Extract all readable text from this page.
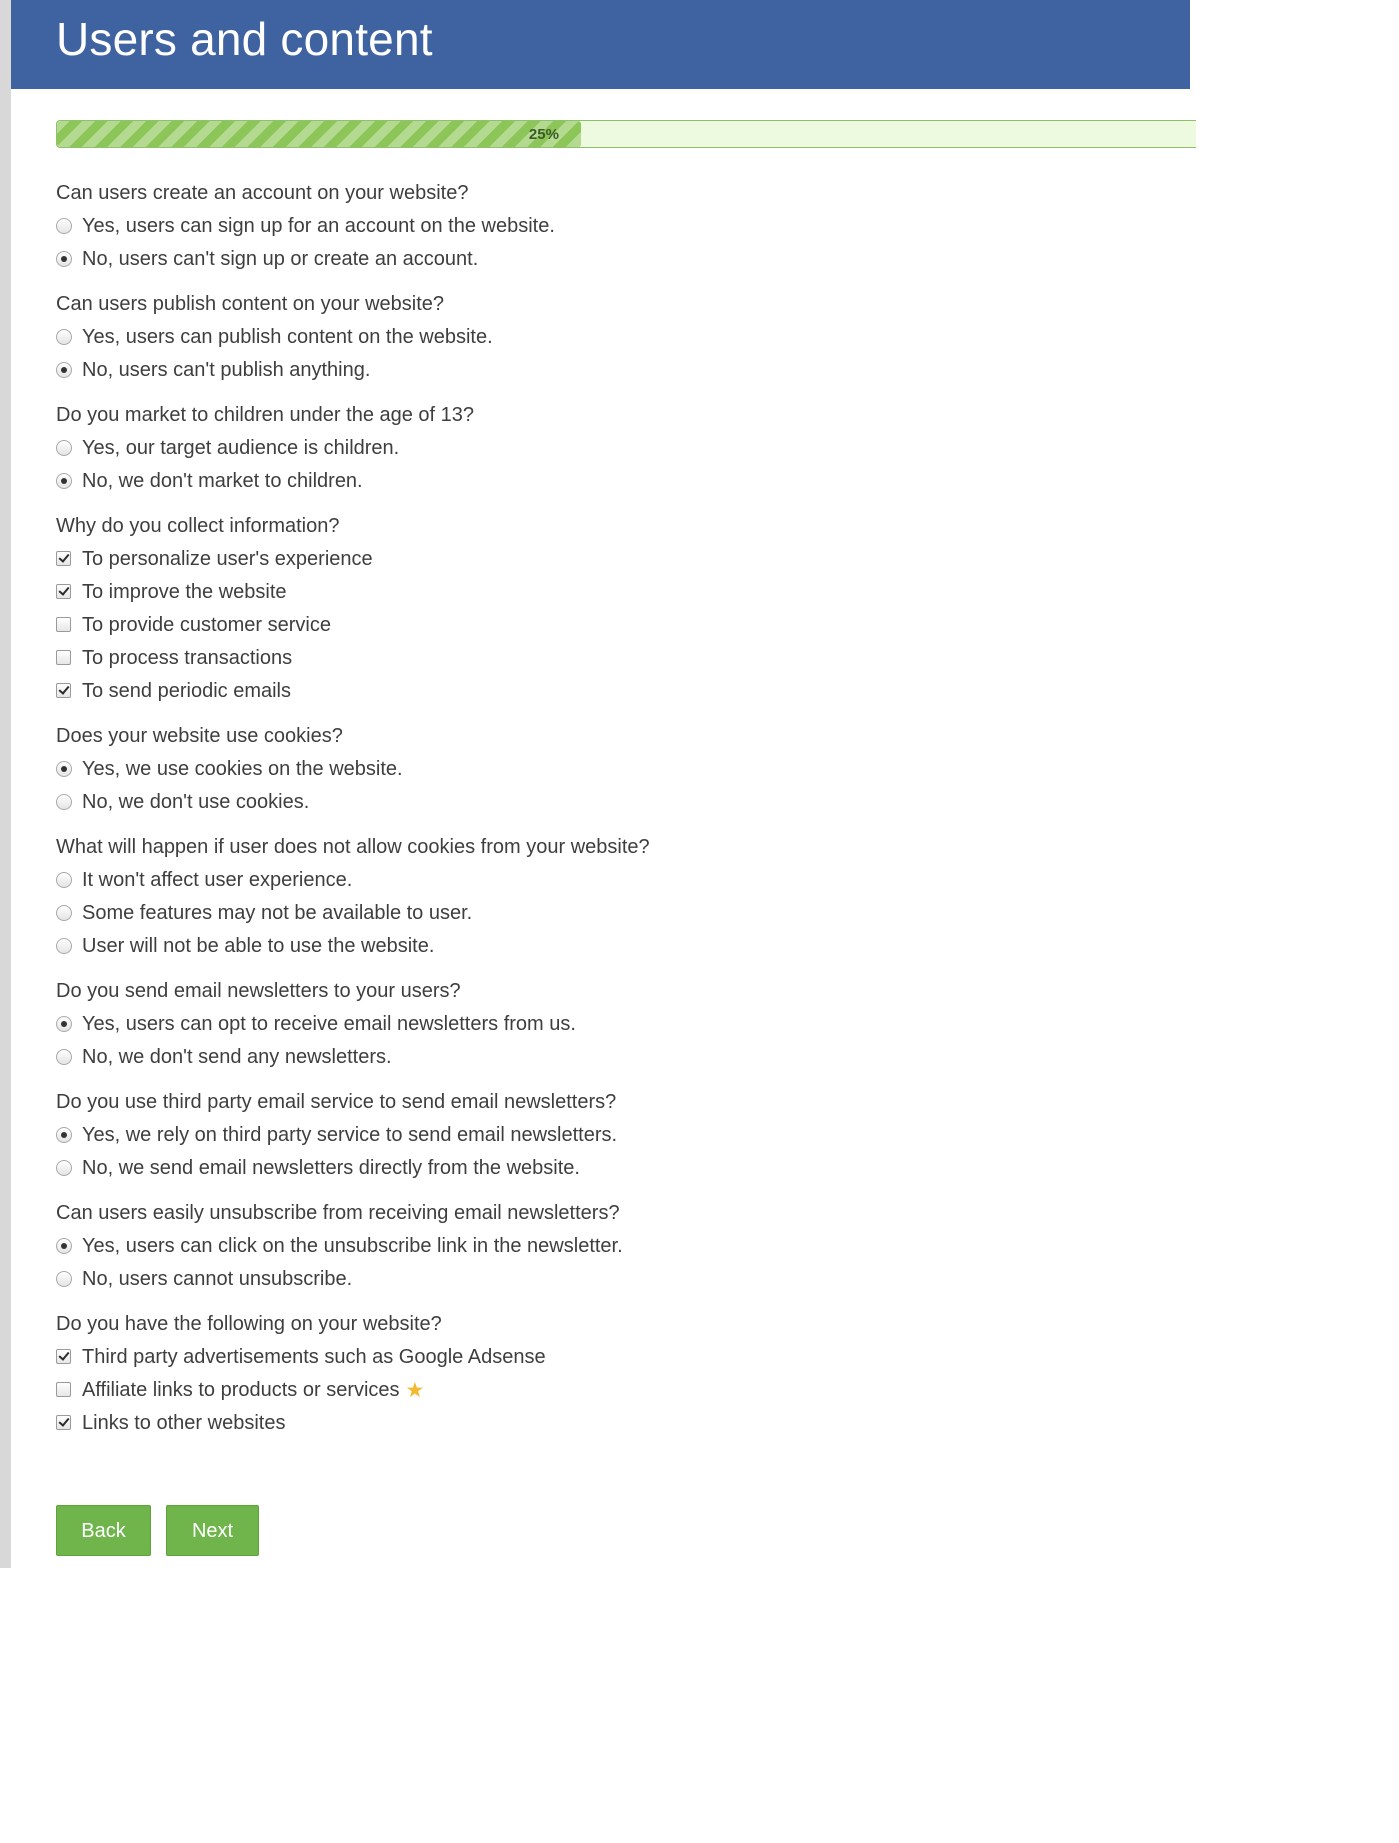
Users and content
25%
Can users create an account on your website?
Yes, users can sign up for an account on the website.
No, users can't sign up or create an account.
Can users publish content on your website?
Yes, users can publish content on the website.
No, users can't publish anything.
Do you market to children under the age of 13?
Yes, our target audience is children.
No, we don't market to children.
Why do you collect information?
To personalize user's experience
To improve the website
To provide customer service
To process transactions
To send periodic emails
Does your website use cookies?
Yes, we use cookies on the website.
No, we don't use cookies.
What will happen if user does not allow cookies from your website?
It won't affect user experience.
Some features may not be available to user.
User will not be able to use the website.
Do you send email newsletters to your users?
Yes, users can opt to receive email newsletters from us.
No, we don't send any newsletters.
Do you use third party email service to send email newsletters?
Yes, we rely on third party service to send email newsletters.
No, we send email newsletters directly from the website.
Can users easily unsubscribe from receiving email newsletters?
Yes, users can click on the unsubscribe link in the newsletter.
No, users cannot unsubscribe.
Do you have the following on your website?
Third party advertisements such as Google Adsense
Affiliate links to products or services ★
Links to other websites
Back	Next
